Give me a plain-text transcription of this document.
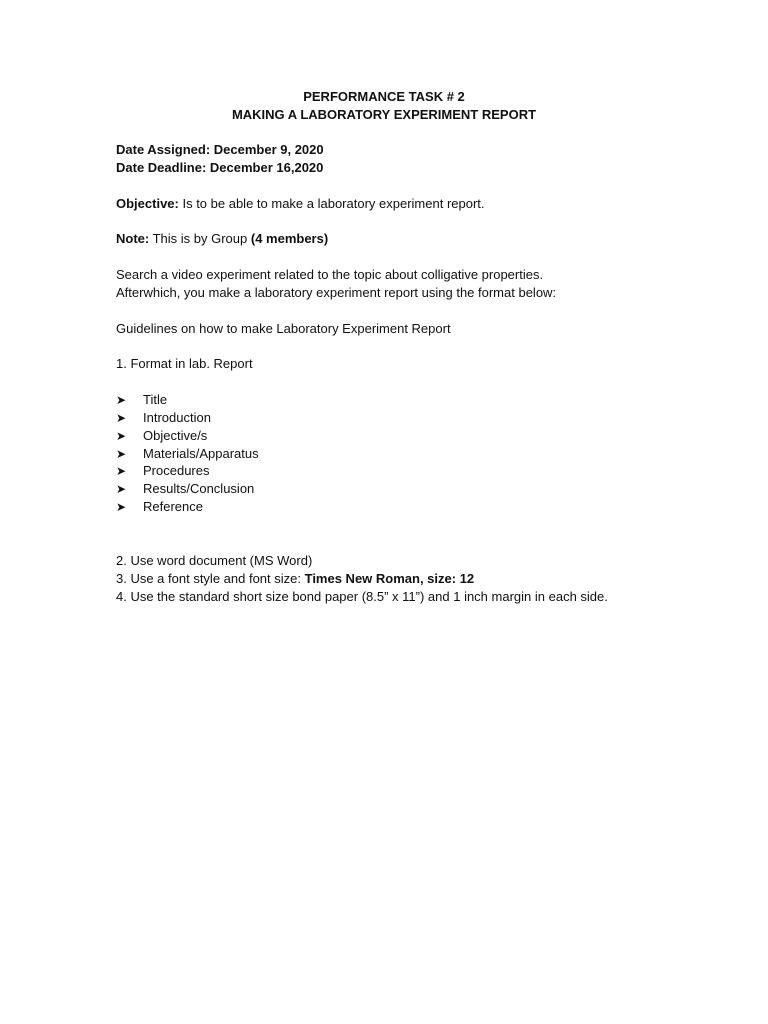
PERFORMANCE TASK # 2
MAKING A LABORATORY EXPERIMENT REPORT
Date Assigned: December 9, 2020
Date Deadline: December 16,2020
Objective: Is to be able to make a laboratory experiment report.
Note: This is by Group (4 members)
Search a video experiment related to the topic about colligative properties.
Afterwhich, you make a laboratory experiment report using the format below:
Guidelines on how to make Laboratory Experiment Report
1. Format in lab. Report
➤	Title
➤	Introduction
➤	Objective/s
➤	Materials/Apparatus
➤	Procedures
➤	Results/Conclusion
➤	Reference
2. Use word document (MS Word)
3. Use a font style and font size: Times New Roman, size: 12
4. Use the standard short size bond paper (8.5” x 11”) and 1 inch margin in each side.
